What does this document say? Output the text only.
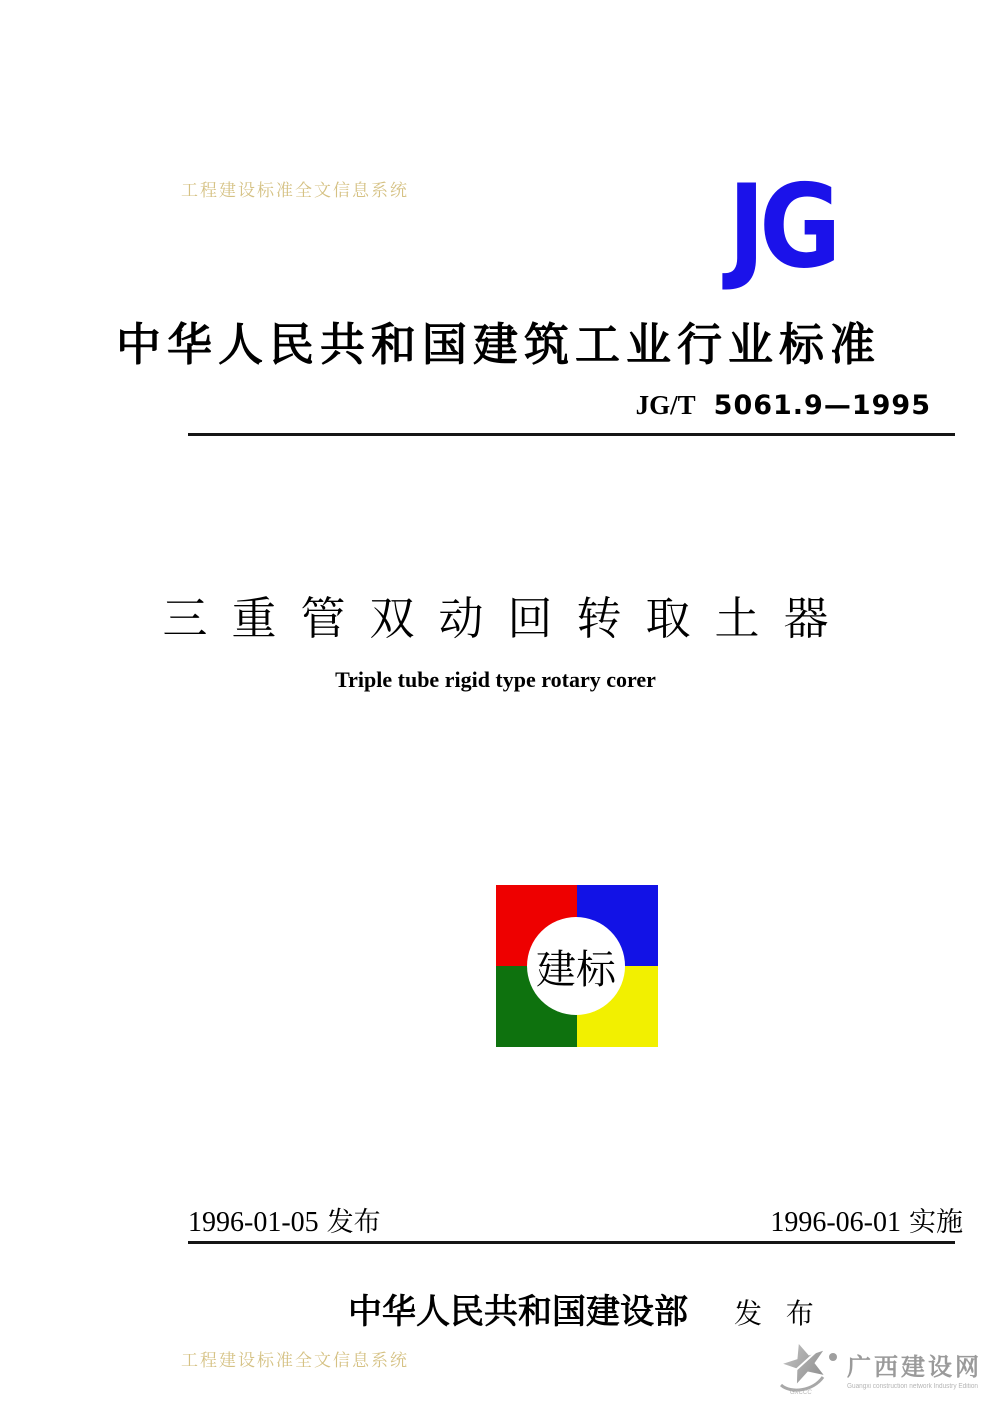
工程建设标准全文信息系统	JG
中华人民共和国建筑工业行业标准
JG/T 5061.9—1995
三重管双动回转取土器
Triple tube rigid type rotary corer
建标
1996-01-05 发布	1996-06-01 实施
中华人民共和国建设部 发 布
工程建设标准全文信息系统
GXCCC
广西建设网
Guangxi construction network Industry Edition
